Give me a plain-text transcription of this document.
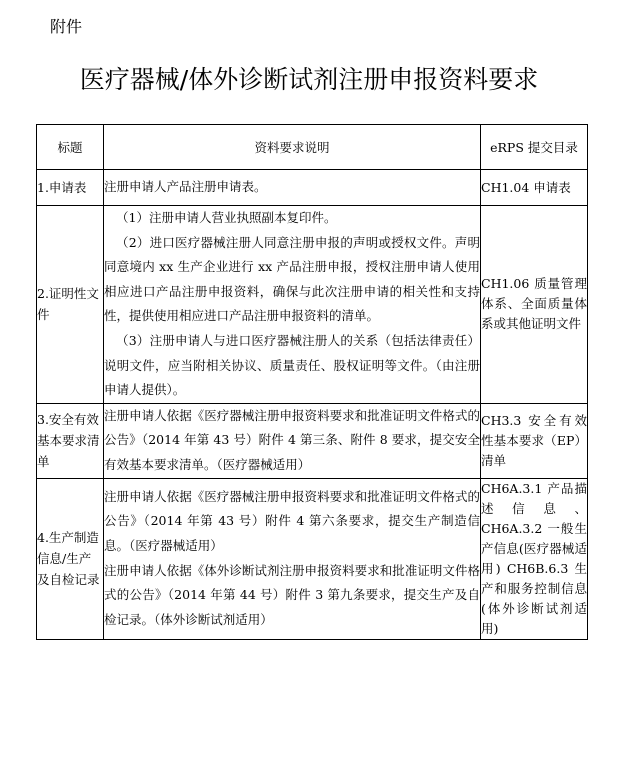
附件
医疗器械/体外诊断试剂注册申报资料要求
标题	资料要求说明	eRPS 提交目录
1.申请表	注册申请人产品注册申请表。	CH1.04 申请表
2.证明性文件	（1）注册申请人营业执照副本复印件。
（2）进口医疗器械注册人同意注册申报的声明或授权文件。声明同意境内 xx 生产企业进行 xx 产品注册申报，授权注册申请人使用相应进口产品注册申报资料，确保与此次注册申请的相关性和支持性，提供使用相应进口产品注册申报资料的清单。
（3）注册申请人与进口医疗器械注册人的关系（包括法律责任）说明文件，应当附相关协议、质量责任、股权证明等文件。（由注册申请人提供）。	CH1.06 质量管理体系、全面质量体系或其他证明文件
3.安全有效基本要求清单	注册申请人依据《医疗器械注册申报资料要求和批准证明文件格式的公告》（2014 年第 43 号）附件 4 第三条、附件 8 要求，提交安全有效基本要求清单。（医疗器械适用）	CH3.3 安全有效性基本要求（EP）清单
4.生产制造信息/生产及自检记录	注册申请人依据《医疗器械注册申报资料要求和批准证明文件格式的公告》（2014 年第 43 号）附件 4 第六条要求，提交生产制造信息。（医疗器械适用）
注册申请人依据《体外诊断试剂注册申报资料要求和批准证明文件格式的公告》（2014 年第 44 号）附件 3 第九条要求，提交生产及自检记录。（体外诊断试剂适用）	CH6A.3.1 产品描述信息、CH6A.3.2 一般生产信息(医疗器械适用) CH6B.6.3 生产和服务控制信息(体外诊断试剂适用)
